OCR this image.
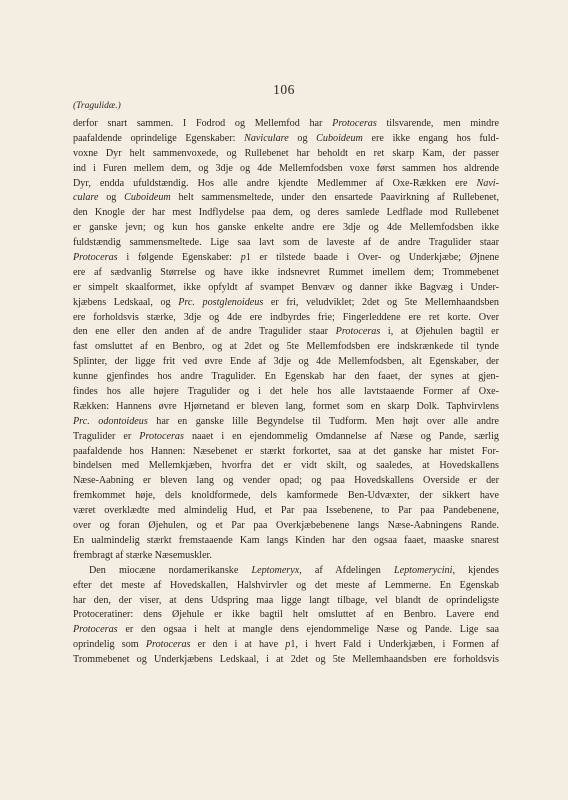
106
(Tragulidæ.)
derfor snart sammen. I Fodrod og Mellemfod har Protoceras tilsvarende, men mindre
paafaldende oprindelige Egenskaber: Naviculare og Cuboideum ere ikke engang hos fuld-
voxne Dyr helt sammenvoxede, og Rullebenet har beholdt en ret skarp Kam, der passer
ind i Furen mellem dem, og 3dje og 4de Mellemfodsben voxe først sammen hos aldrende
Dyr, endda ufuldstændig. Hos alle andre kjendte Medlemmer af Oxe-Rækken ere Navi-
culare og Cuboideum helt sammensmeltede, under den ensartede Paavirkning af Rullebenet,
den Knogle der har mest Indflydelse paa dem, og deres samlede Ledflade mod Rullebenet
er ganske jevn; og kun hos ganske enkelte andre ere 3dje og 4de Mellemfodsben ikke
fuldstændig sammensmeltede. Lige saa lavt som de laveste af de andre Tragulider staar
Protoceras i følgende Egenskaber: p1 er tilstede baade i Over- og Underkjæbe; Øjnene
ere af sædvanlig Størrelse og have ikke indsnevret Rummet imellem dem; Trommebenet
er simpelt skaalformet, ikke opfyldt af svampet Benvæv og danner ikke Bagvæg i Under-
kjæbens Ledskaal, og Prc. postglenoideus er fri, veludviklet; 2det og 5te Mellemhaandsben
ere forholdsvis stærke, 3dje og 4de ere indbyrdes frie; Fingerleddene ere ret korte. Over
den ene eller den anden af de andre Tragulider staar Protoceras i, at Øjehulen bagtil er
fast omsluttet af en Benbro, og at 2det og 5te Mellemfodsben ere indskrænkede til tynde
Splinter, der ligge frit ved øvre Ende af 3dje og 4de Mellemfodsben, alt Egenskaber, der
kunne gjenfindes hos andre Tragulider. En Egenskab har den faaet, der synes at gjen-
findes hos alle højere Tragulider og i det hele hos alle lavtstaaende Former af Oxe-
Rækken: Hannens øvre Hjørnetand er bleven lang, formet som en skarp Dolk. Taphvirvlens
Prc. odontoideus har en ganske lille Begyndelse til Tudform. Men højt over alle andre
Tragulider er Protoceras naaet i en ejendommelig Omdannelse af Næse og Pande, særlig
paafaldende hos Hannen: Næsebenet er stærkt forkortet, saa at det ganske har mistet For-
bindelsen med Mellemkjæben, hvorfra det er vidt skilt, og saaledes, at Hovedskallens
Næse-Aabning er bleven lang og vender opad; og paa Hovedskallens Overside er der
fremkommet høje, dels knoldformede, dels kamformede Ben-Udvæxter, der sikkert have
været overklædte med almindelig Hud, et Par paa Issebenene, to Par paa Pandebenene,
over og foran Øjehulen, og et Par paa Overkjæbebenene langs Næse-Aabningens Rande.
En ualmindelig stærkt fremstaaende Kam langs Kinden har den ogsaa faaet, maaske snarest
frembragt af stærke Næsemuskler.
Den miocæne nordamerikanske Leptomeryx, af Afdelingen Leptomerycini, kjendes
efter det meste af Hovedskallen, Halshvirvler og det meste af Lemmerne. En Egenskab
har den, der viser, at dens Udspring maa ligge langt tilbage, vel blandt de oprindeligste
Protoceratiner: dens Øjehule er ikke bagtil helt omsluttet af en Benbro. Lavere end
Protoceras er den ogsaa i helt at mangle dens ejendommelige Næse og Pande. Lige saa
oprindelig som Protoceras er den i at have p1, i hvert Fald i Underkjæben, i Formen af
Trommebenet og Underkjæbens Ledskaal, i at 2det og 5te Mellemhaandsben ere forholdsvis
